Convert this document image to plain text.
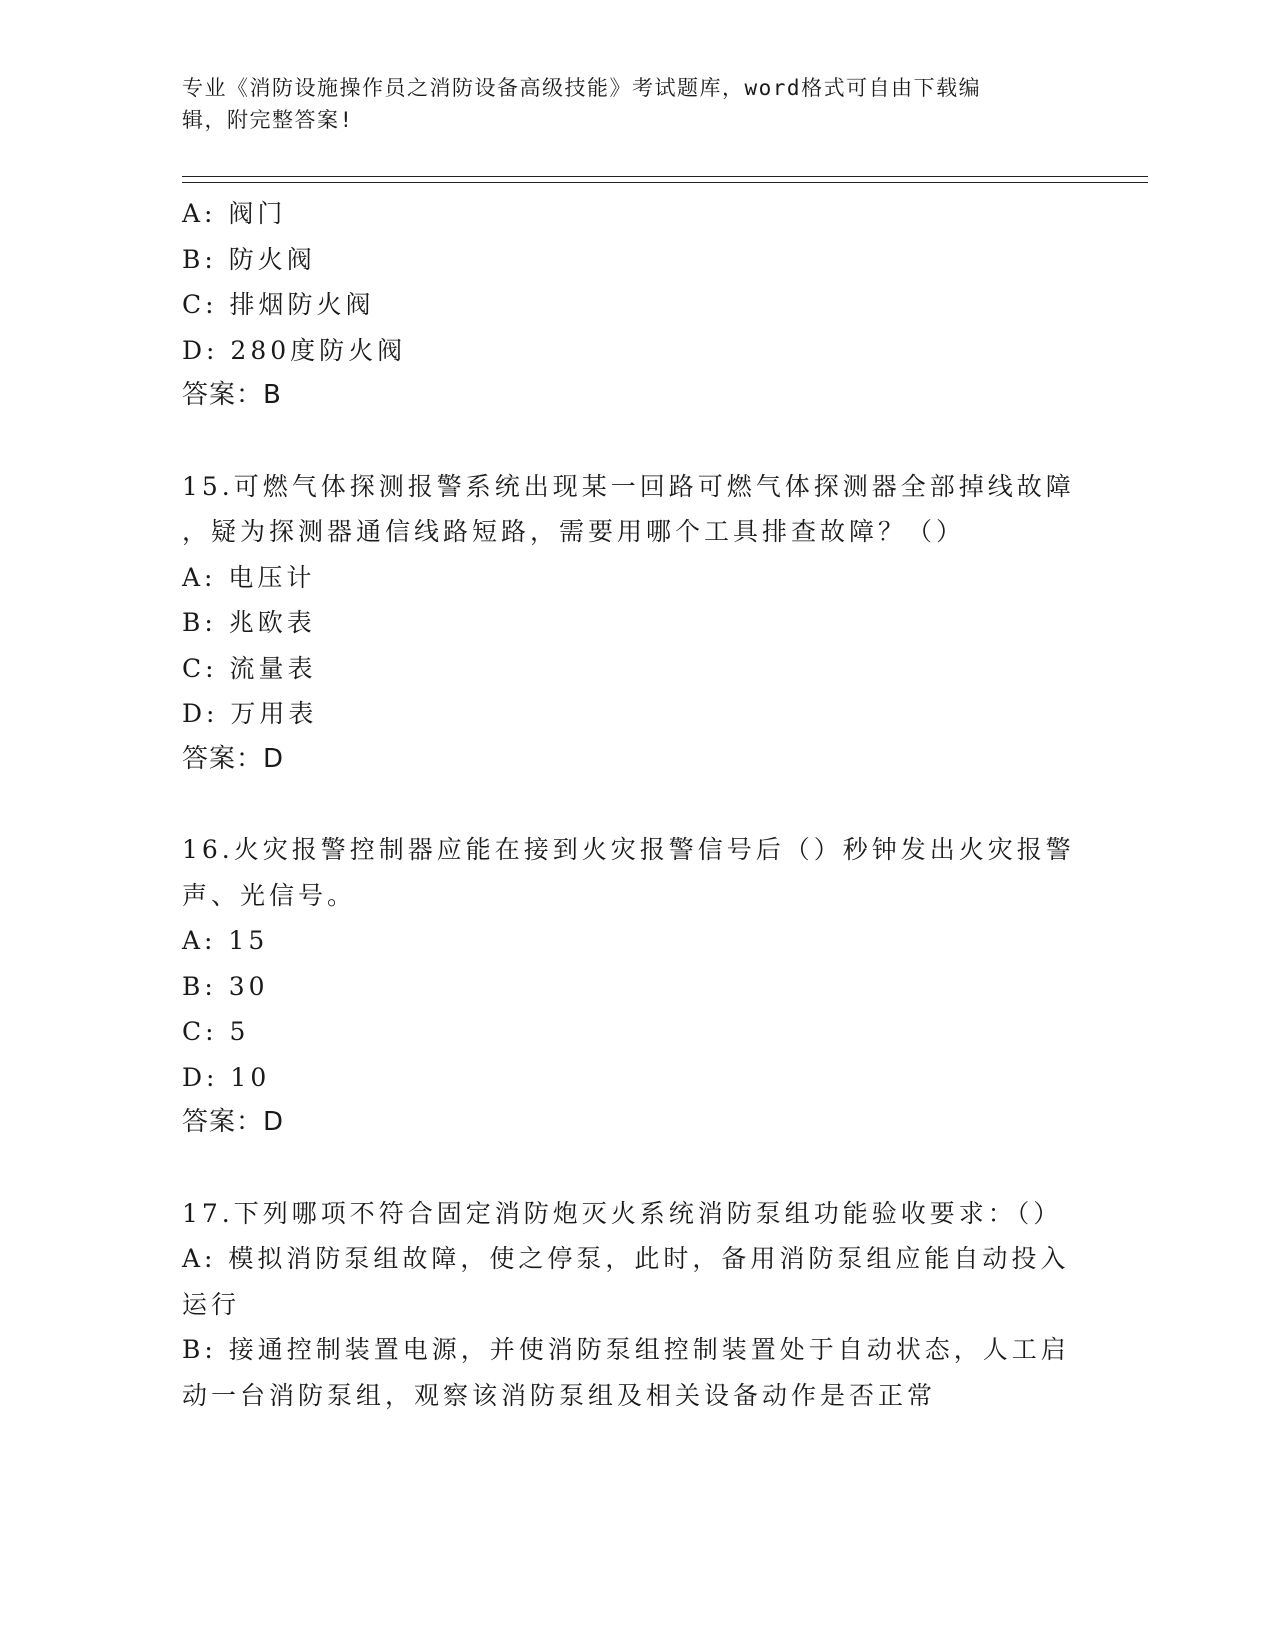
专业《消防设施操作员之消防设备高级技能》考试题库，word格式可自由下载编
辑，附完整答案!
A: 阀门
B: 防火阀
C: 排烟防火阀
D: 280度防火阀
答案：B
15.可燃气体探测报警系统出现某一回路可燃气体探测器全部掉线故障
，疑为探测器通信线路短路，需要用哪个工具排查故障？（）
A: 电压计
B: 兆欧表
C: 流量表
D: 万用表
答案：D
16.火灾报警控制器应能在接到火灾报警信号后（）秒钟发出火灾报警
声、光信号。
A: 15
B: 30
C: 5
D: 10
答案：D
17.下列哪项不符合固定消防炮灭火系统消防泵组功能验收要求：（）
A: 模拟消防泵组故障，使之停泵，此时，备用消防泵组应能自动投入
运行
B: 接通控制装置电源，并使消防泵组控制装置处于自动状态，人工启
动一台消防泵组，观察该消防泵组及相关设备动作是否正常
